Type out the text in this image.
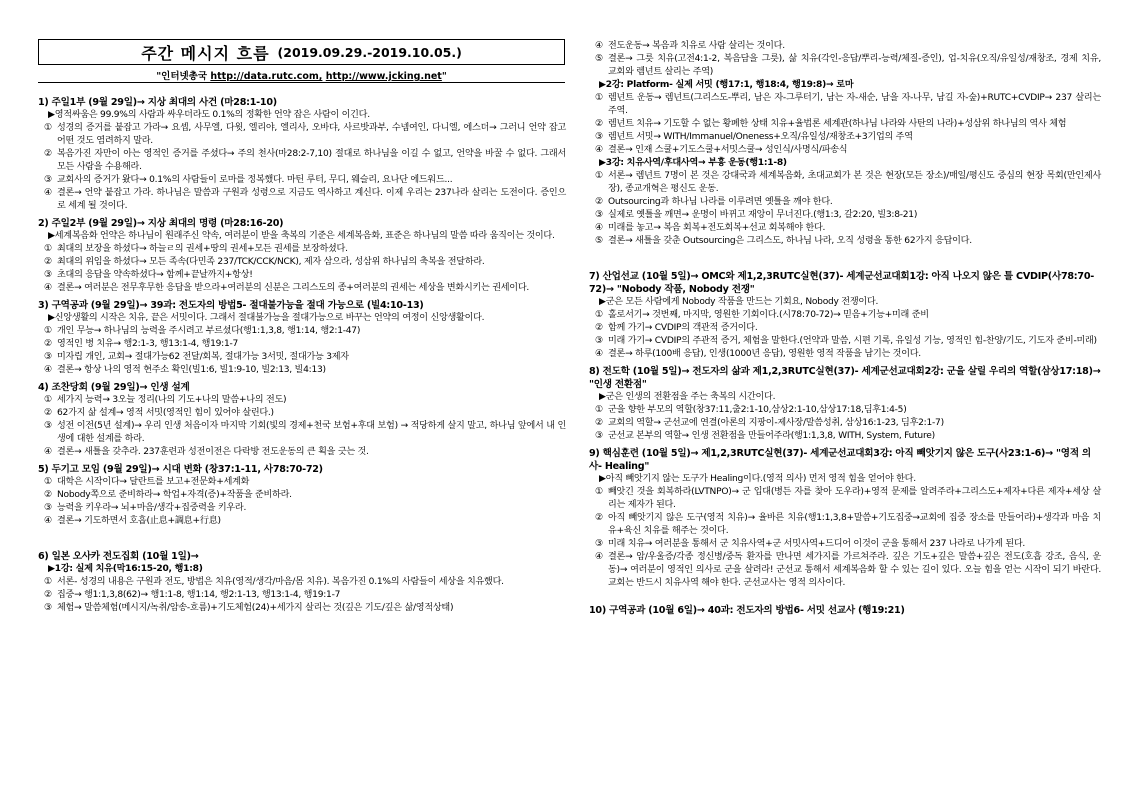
주간 메시지 흐름 (2019.09.29.-2019.10.05.)
"인터넷총국 http://data.rutc.com, http://www.jcking.net"
1) 주일1부 (9월 29일)→ 지상 최대의 사건 (마28:1-10)
▶영적싸움은 99.9%의 사람과 싸우더라도 0.1%의 정확한 언약 잡은 사람이 이긴다.
① 성경의 증거를 붙잡고 가라→ 요셉, 사무엘, 다윗, 엘리야, 엘리사, 오바댜, 사르밧과부, 수넴여인, 다니엘, 에스더→ 그러니 언약 잡고 어떤 것도 염려하지 말라.
② 복음가진 자만이 아는 영적인 증거를 주셨다→ 주의 천사(마28:2-7,10) 절대로 하나님을 이길 수 없고, 언약을 바꿀 수 없다. 그래서 모든 사람을 수용해라.
③ 교회사의 증거가 왔다→ 0.1%의 사람들이 로마를 정복했다. 마틴 루터, 무디, 웨슬리, 요나단 에드워드...
④ 결론→ 언약 붙잡고 가라. 하나님은 말씀과 구원과 성령으로 지금도 역사하고 계신다. 이제 우리는 237나라 살리는 도전이다. 증인으로 세계 될 것이다.
2) 주일2부 (9월 29일)→ 지상 최대의 명령 (마28:16-20)
▶세계복음화 언약은 하나님이 원래주신 약속, 여러분이 받을 축복의 기준은 세계복음화, 표준은 하나님의 말씀 따라 움직이는 것이다.
① 최대의 보장을 하셨다→ 하늘ㄹ의 권세+땅의 권세+모든 권세를 보장하셨다.
② 최대의 위임을 하셨다→ 모든 족속(다민족 237/TCK/CCK/NCK), 제자 삼으라, 성삼위 하나님의 축복을 전달하라.
③ 초대의 응답을 약속하셨다→ 함께+끝날까지+항상!
④ 결론→ 여러분은 전무후무한 응답을 받으라+여러분의 신분은 그리스도의 종+여러분의 권세는 세상을 변화시키는 권세이다.
3) 구역공과 (9월 29일)→ 39과: 전도자의 방법5- 절대불가능을 절대 가능으로 (빌4:10-13)
▶신앙생활의 시작은 치유, 끝은 서밋이다. 그래서 절대불가능을 절대가능으로 바꾸는 언약의 여정이 신앙생활이다.
① 개인 무능→ 하나님의 능력을 주시려고 부르셨다(행1:1,3,8, 행1:14, 행2:1-47)
② 영적인 병 치유→ 행2:1-3, 행13:1-4, 행19:1-7
③ 미자립 개인, 교회→ 절대가능62 전달/회복, 절대가능 3서밋, 절대가능 3제자
④ 결론→ 항상 나의 영적 현주소 확인(빌1:6, 빌1:9-10, 빌2:13, 빌4:13)
4) 조찬당회 (9월 29일)→ 인생 설계
① 세가지 능력→ 3오늘 정리(나의 기도+나의 말씀+나의 전도)
② 62가지 삶 설계→ 영적 서밋(영적인 힘이 있어야 살린다.)
③ 성전 이전(5년 설계)→ 우리 인생 처음이자 마지막 기회(빛의 경제+천국 보험+후대 보험) → 적당하게 살지 말고, 하나님 앞에서 내 인생에 대한 설계를 하라.
④ 결론→ 새틀을 갖추라. 237훈련과 성전이전은 다락방 전도운동의 큰 획을 긋는 것.
5) 두기고 모임 (9월 29일)→ 시대 변화 (창37:1-11, 사78:70-72)
① 대학은 시작이다→ 달란트를 보고+전문화+세계화
② Nobody쪽으로 준비하라→ 학업+자격(증)+작품을 준비하라.
③ 능력을 키우라→ 뇌+마음/생각+집중력을 키우라.
④ 결론→ 기도하면서 호흡(止息+調息+行息)
6) 일본 오사카 전도집회 (10월 1일)→
▶1강: 실제 치유(막16:15-20, 행1:8)
① 서론- 성경의 내용은 구원과 전도, 방법은 치유(영적/생각/마음/몸 치유). 복음가진 0.1%의 사람들이 세상을 치유했다.
② 집중→ 행1:1,3,8(62)→ 행1:1-8, 행1:14, 행2:1-13, 행13:1-4, 행19:1-7
③ 체험→ 말씀체험(메시지/녹취/암송-흐름)+기도체험(24)+세가지 살리는 것(깊은 기도/깊은 삶/영적상태)
④ 전도운동→ 복음과 치유로 사람 살리는 것이다.
⑤ 결론→ 그릇 치유(고전4:1-2, 복음담을 그릇), 삶 치유(각인-응답/뿌리-능력/체질-증인), 업-치유(오직/유일성/재창조, 경제 치유, 교회와 렘넌트 살리는 주역)
▶2강: Platform- 실제 서밋 (행17:1, 행18:4, 행19:8)→ 로마
① 렘넌트 운동→ 렘넌트(그리스도-뿌리, 남은 자-그루터기, 남는 자-새순, 남을 자-나무, 남길 자-숲)+RUTC+CVDIP→ 237 살리는 주역.
② 렘넌트 치유→ 기도할 수 없는 황폐한 상태 치유+율법론 세계관(하나님 나라와 사탄의 나라)+성삼위 하나님의 역사 체험
③ 렘넌트 서밋→ WITH/Immanuel/Oneness+오직/유일성/재창조+3기업의 주역
④ 결론→ 인재 스쿨+기도스쿨+서밋스쿨→ 성인식/사명식/파송식
▶3강: 치유사역/후대사역→ 부흥 운동(행1:1-8)
① 서론→ 렘넌트 7명이 본 것은 강대국과 세계복음화, 초대교회가 본 것은 현장(모든 장소)/매일/평신도 중심의 현장 목회(만인제사장), 종교개혁은 평신도 운동.
② Outsourcing과 하나님 나라를 이루려면 옛틀을 깨야 한다.
③ 실제로 옛틀을 깨면→ 운명이 바뀌고 재앙이 무너진다.(행1:3, 갈2:20, 빌3:8-21)
④ 미래를 놓고→ 복음 회복+전도회복+선교 회복해야 한다.
⑤ 결론→ 새틀을 갖춘 Outsourcing은 그리스도, 하나님 나라, 오직 성령을 통한 62가지 응답이다.
7) 산업선교 (10월 5일)→ OMC와 제1,2,3RUTC실현(37)- 세계군선교대회1강: 아직 나오지 않은 틀 CVDIP(사78:70-72)→ "Nobody 작품, Nobody 전쟁"
▶군은 모든 사람에게 Nobody 작품을 만드는 기회요, Nobody 전쟁이다.
① 홀로서기→ 것번째, 마지막, 영원한 기회이다.(시78:70-72)→ 믿음+기능+미래 준비
② 함께 가기→ CVDIP의 객관적 증거이다.
③ 미래 가기→ CVDIP의 주관적 증거, 체험을 말한다.(언약과 말씀, 시편 기록, 유일성 기능, 영적인 힘-찬양/기도, 기도자 준비-미래)
④ 결론→ 하루(100배 응답), 인생(1000년 응답), 영원한 영적 작품을 남기는 것이다.
8) 전도학 (10월 5일)→ 전도자의 삶과 제1,2,3RUTC실현(37)- 세계군선교대회2강: 군을 살릴 우리의 역할(삼상17:18)→ "인생 전환점"
▶군은 인생의 전환점을 주는 축복의 시간이다.
① 군을 향한 부모의 역할(창37:11,출2:1-10,삼상2:1-10,삼상17:18,딤후1:4-5)
② 교회의 역할→ 군선교에 연결(아론의 지팡이-제사장/말씀성취, 삼상16:1-23, 딤후2:1-7)
③ 군선교 본부의 역할→ 인생 전환점을 만들어주라(행1:1,3,8, WITH, System, Future)
9) 핵심훈련 (10월 5일)→ 제1,2,3RUTC실현(37)- 세계군선교대회3강: 아직 빼앗기지 않은 도구(사23:1-6)→ "영적 의사- Healing"
▶아직 빼앗기지 않는 도구가 Healing이다.(영적 의사) 먼저 영적 힘을 얻어야 한다.
① 빼앗긴 것을 회복하라(LVTNPO)→ 군 입대(병든 자를 찾아 도우라)+영적 문제를 알려주라+그리스도+제자+다른 제자+세상 살리는 제자가 된다.
② 아직 빼앗기지 않은 도구(영적 치유)→ 율바른 치유(행1:1,3,8+말씀+기도집중→교회에 집중 장소를 만들어라)+생각과 마음 치유+육신 치유를 해주는 것이다.
③ 미래 치유→ 여러분을 통해서 군 치유사역+군 서밋사역+드디어 이것이 군을 통해서 237 나라로 나가게 된다.
④ 결론→ 암/우울증/각종 정신병/중독 환자를 만나면 세가지를 가르쳐주라. 깊은 기도+깊은 말씀+깊은 전도(호흡 강조, 음식, 운동)→ 여러분이 영적인 의사로 군을 살려라! 군선교 통해서 세계복음화 할 수 있는 길이 있다. 오늘 힘을 얻는 시작이 되기 바란다. 교회는 반드시 치유사역 해야 한다. 군선교사는 영적 의사이다.
10) 구역공과 (10월 6일)→ 40과: 전도자의 방법6- 서밋 선교사 (행19:21)
